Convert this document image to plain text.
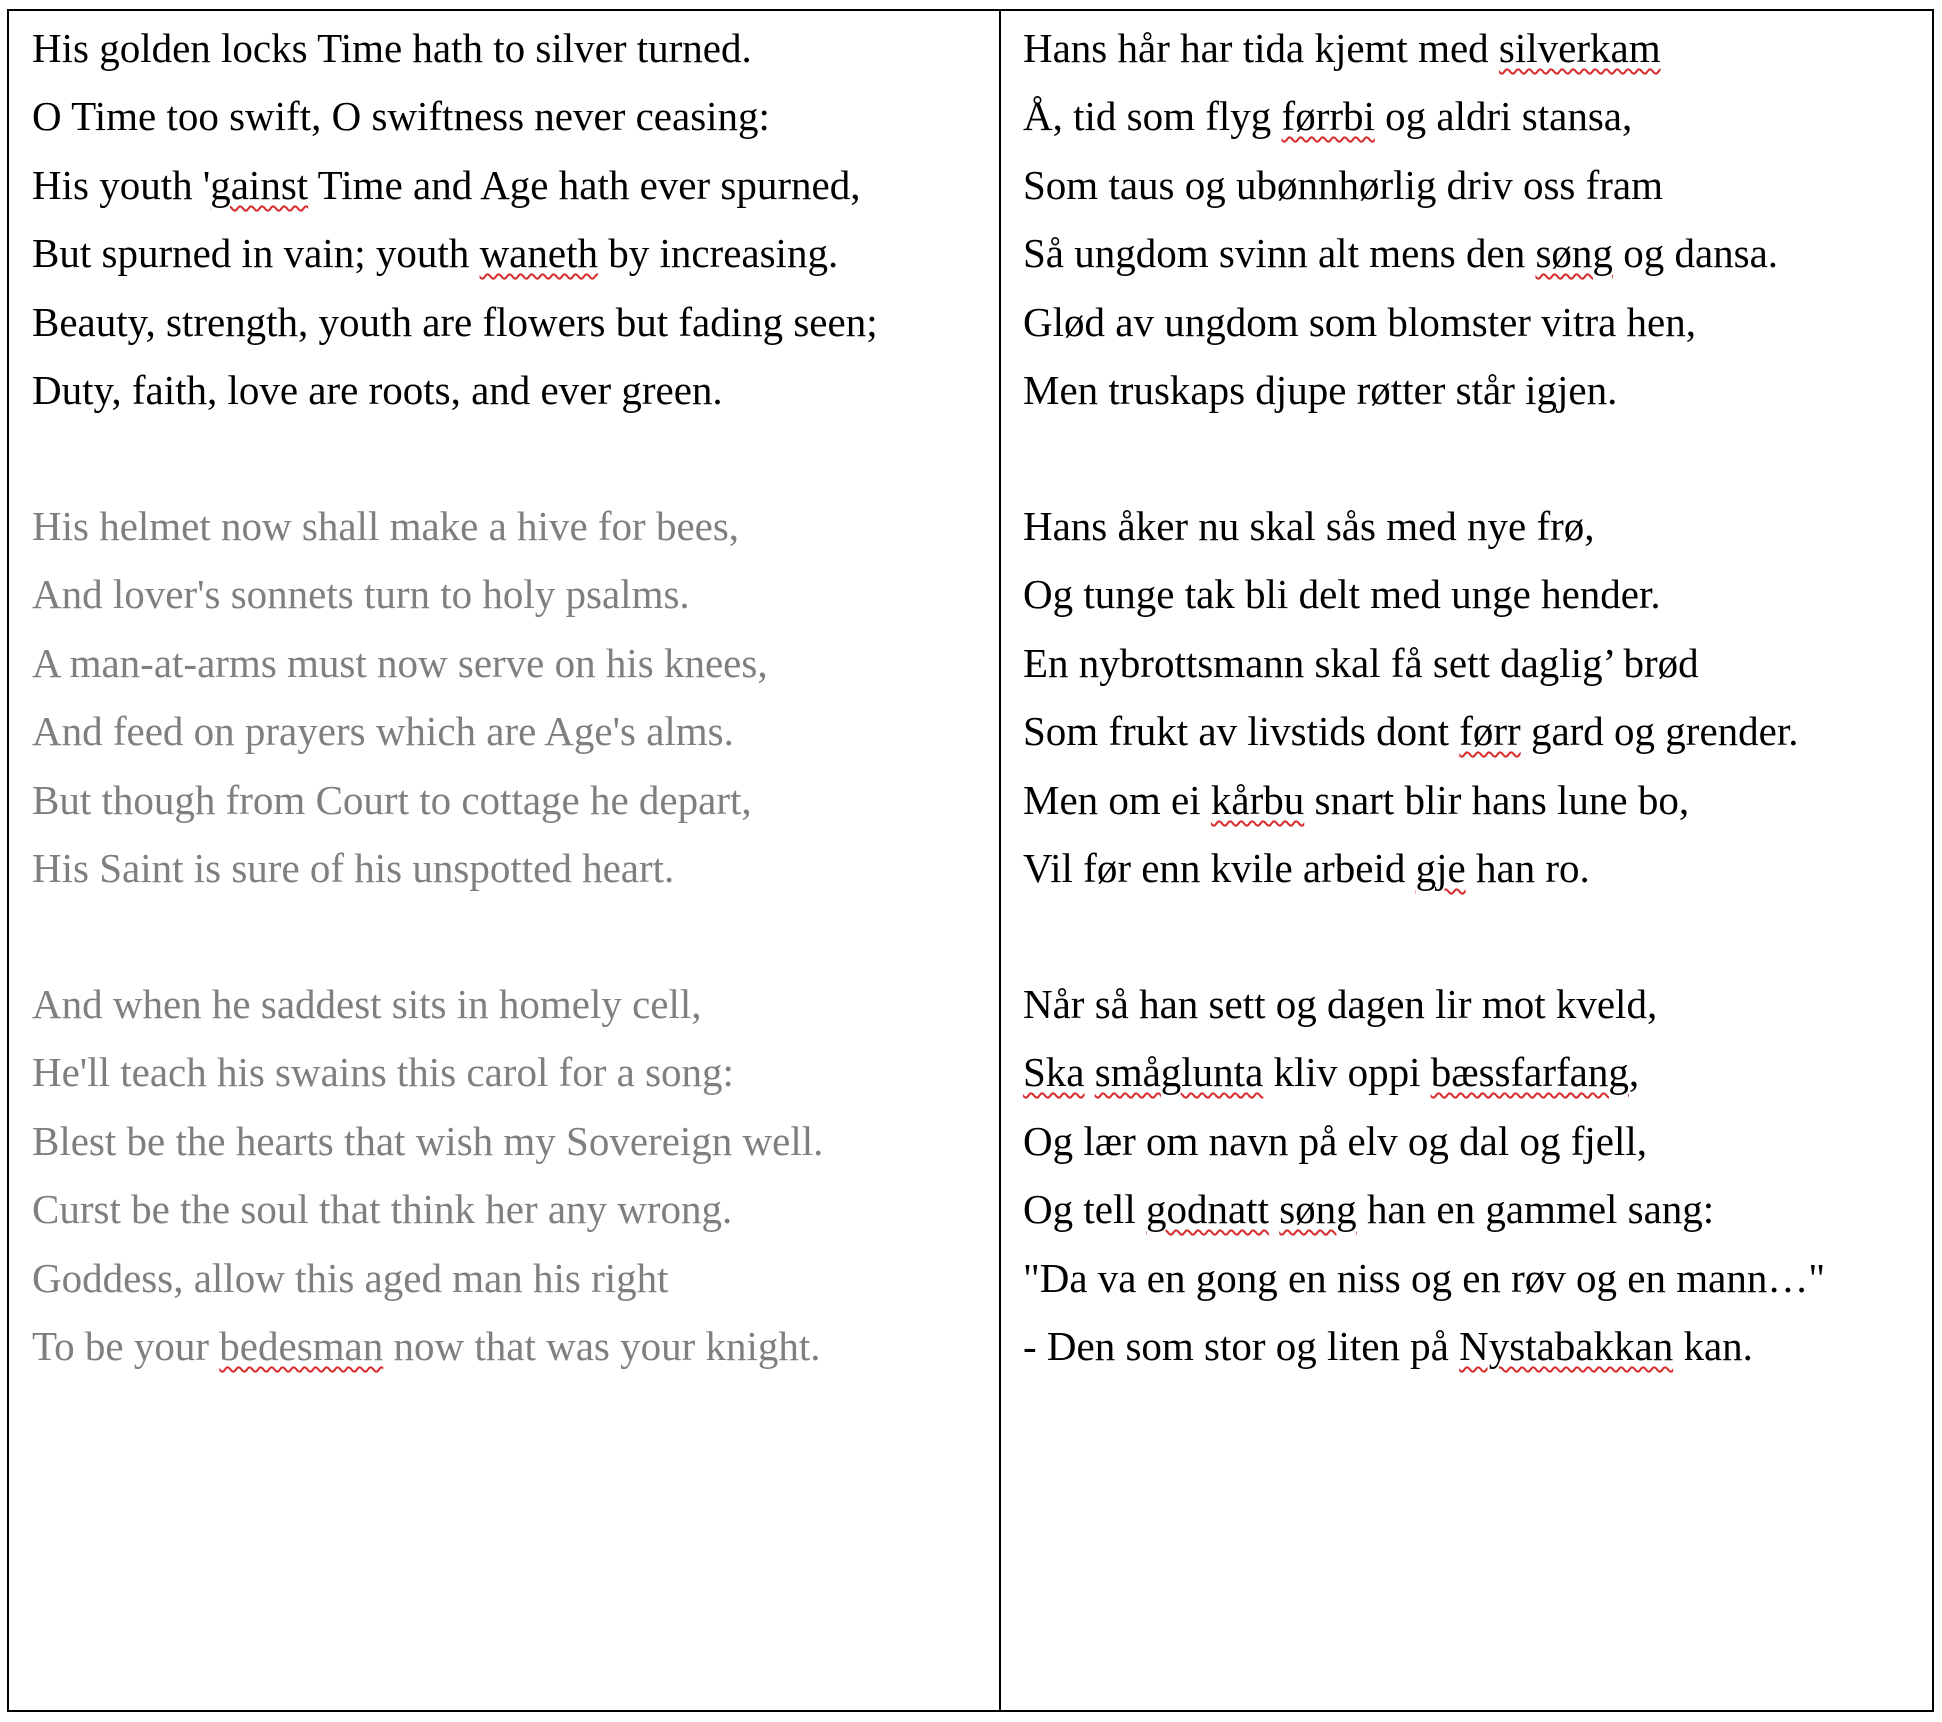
His golden locks Time hath to silver turned.
O Time too swift, O swiftness never ceasing:
His youth 'gainst Time and Age hath ever spurned,
But spurned in vain; youth waneth by increasing.
Beauty, strength, youth are flowers but fading seen;
Duty, faith, love are roots, and ever green.
His helmet now shall make a hive for bees,
And lover's sonnets turn to holy psalms.
A man-at-arms must now serve on his knees,
And feed on prayers which are Age's alms.
But though from Court to cottage he depart,
His Saint is sure of his unspotted heart.
And when he saddest sits in homely cell,
He'll teach his swains this carol for a song:
Blest be the hearts that wish my Sovereign well.
Curst be the soul that think her any wrong.
Goddess, allow this aged man his right
To be your bedesman now that was your knight.
Hans hår har tida kjemt med silverkam
Å, tid som flyg førrbi og aldri stansa,
Som taus og ubønnhørlig driv oss fram
Så ungdom svinn alt mens den søng og dansa.
Glød av ungdom som blomster vitra hen,
Men truskaps djupe røtter står igjen.
Hans åker nu skal sås med nye frø,
Og tunge tak bli delt med unge hender.
En nybrottsmann skal få sett daglig’ brød
Som frukt av livstids dont førr gard og grender.
Men om ei kårbu snart blir hans lune bo,
Vil før enn kvile arbeid gje han ro.
Når så han sett og dagen lir mot kveld,
Ska småglunta kliv oppi bæssfarfang,
Og lær om navn på elv og dal og fjell,
Og tell godnatt søng han en gammel sang:
"Da va en gong en niss og en røv og en mann…"
- Den som stor og liten på Nystabakkan kan.
